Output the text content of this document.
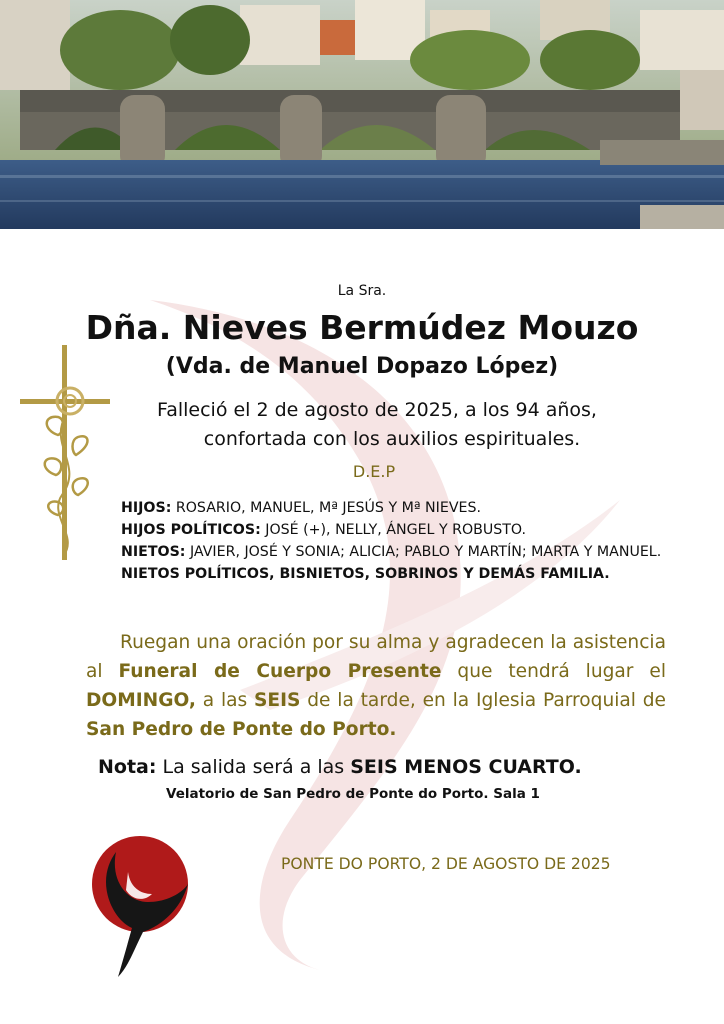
La Sra.
Dña. Nieves Bermúdez Mouzo
(Vda. de Manuel Dopazo López)
Falleció el 2 de agosto de 2025, a los 94 años,
confortada con los auxilios espirituales.
D.E.P
HIJOS: ROSARIO, MANUEL, Mª JESÚS Y Mª NIEVES.
HIJOS POLÍTICOS: JOSÉ (+), NELLY, ÁNGEL Y ROBUSTO.
NIETOS: JAVIER, JOSÉ Y SONIA; ALICIA; PABLO Y MARTÍN; MARTA Y MANUEL.
NIETOS POLÍTICOS, BISNIETOS, SOBRINOS Y DEMÁS FAMILIA.
Ruegan una oración por su alma y agradecen la asistencia al Funeral de Cuerpo Presente que tendrá lugar el DOMINGO, a las SEIS de la tarde, en la Iglesia Parroquial de San Pedro de Ponte do Porto.
Nota: La salida será a las SEIS MENOS CUARTO.
Velatorio de San Pedro de Ponte do Porto. Sala 1
PONTE DO PORTO, 2 DE AGOSTO DE 2025
